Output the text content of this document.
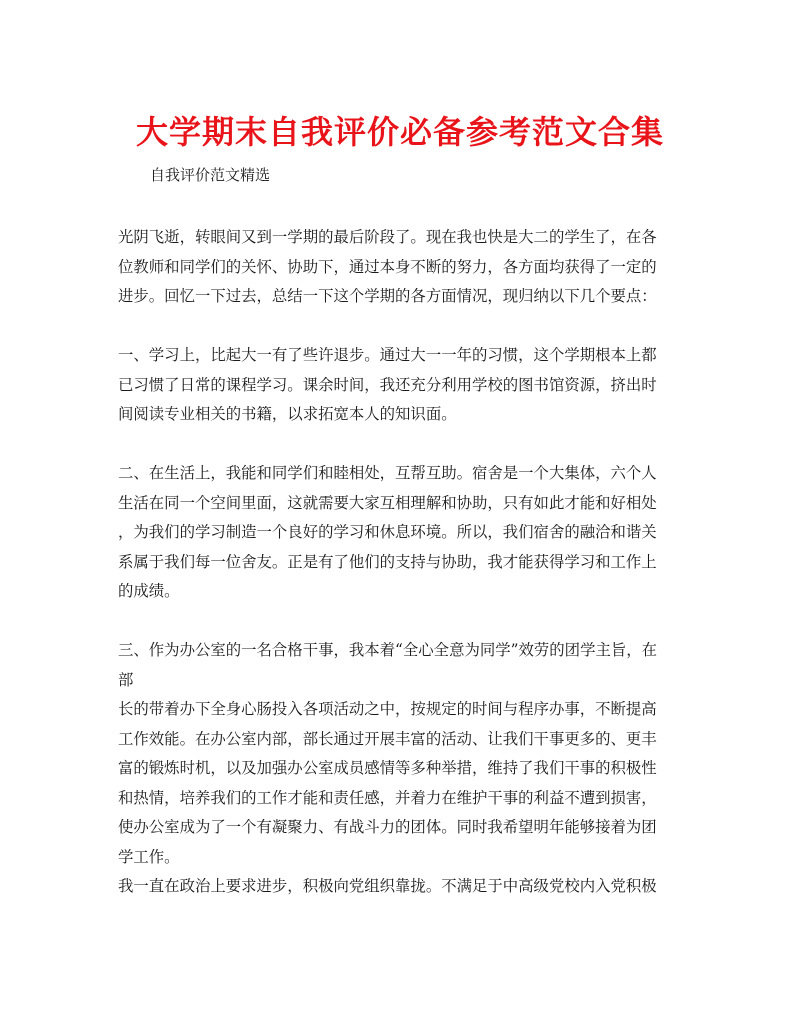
大学期末自我评价必备参考范文合集

自我评价范文精选

光阴飞逝，转眼间又到一学期的最后阶段了。现在我也快是大二的学生了，在各
位教师和同学们的关怀、协助下，通过本身不断的努力，各方面均获得了一定的
进步。回忆一下过去，总结一下这个学期的各方面情况，现归纳以下几个要点：

一、学习上，比起大一有了些许退步。通过大一一年的习惯，这个学期根本上都
已习惯了日常的课程学习。课余时间，我还充分利用学校的图书馆资源，挤出时
间阅读专业相关的书籍，以求拓宽本人的知识面。

二、在生活上，我能和同学们和睦相处，互帮互助。宿舍是一个大集体，六个人
生活在同一个空间里面，这就需要大家互相理解和协助，只有如此才能和好相处
，为我们的学习制造一个良好的学习和休息环境。所以，我们宿舍的融洽和谐关
系属于我们每一位舍友。正是有了他们的支持与协助，我才能获得学习和工作上
的成绩。

三、作为办公室的一名合格干事，我本着“全心全意为同学”效劳的团学主旨，在
部
长的带着办下全身心肠投入各项活动之中，按规定的时间与程序办事，不断提高
工作效能。在办公室内部，部长通过开展丰富的活动、让我们干事更多的、更丰
富的锻炼时机，以及加强办公室成员感情等多种举措，维持了我们干事的积极性
和热情，培养我们的工作才能和责任感，并着力在维护干事的利益不遭到损害，
使办公室成为了一个有凝聚力、有战斗力的团体。同时我希望明年能够接着为团
学工作。
我一直在政治上要求进步，积极向党组织靠拢。不满足于中高级党校内入党积极
